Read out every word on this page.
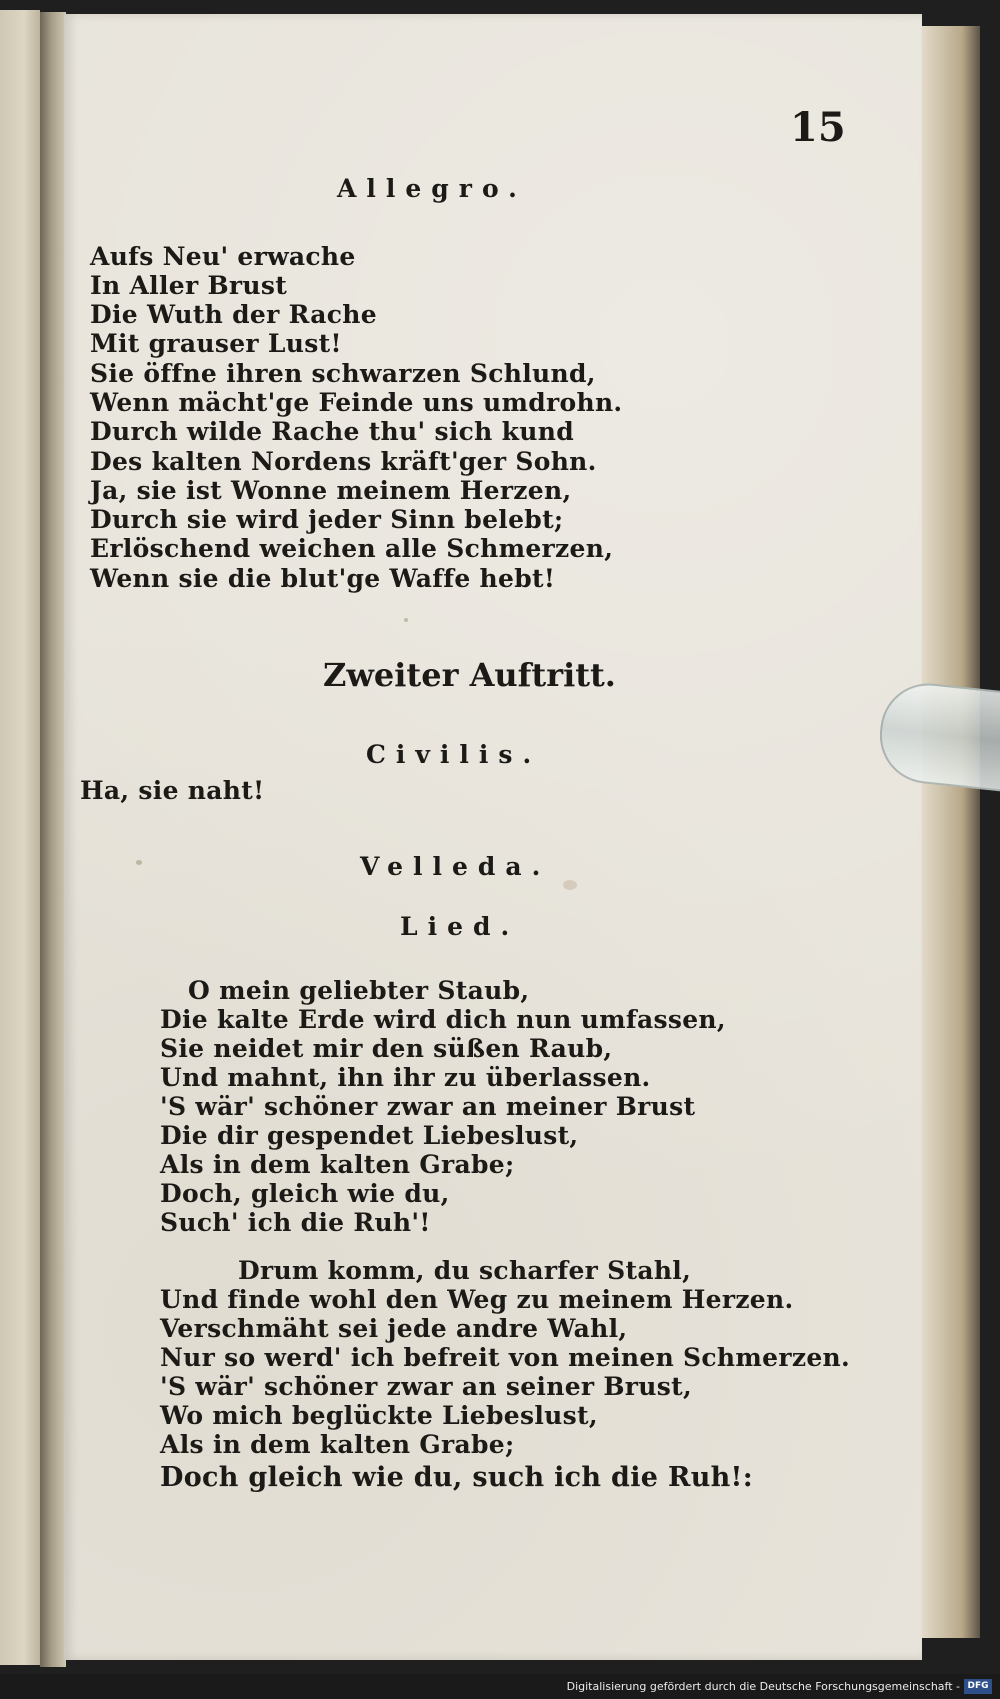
15
Allegro.
Aufs Neu' erwache
In Aller Brust
Die Wuth der Rache
Mit grauser Lust!
Sie öffne ihren schwarzen Schlund,
Wenn mächt'ge Feinde uns umdrohn.
Durch wilde Rache thu' sich kund
Des kalten Nordens kräft'ger Sohn.
Ja, sie ist Wonne meinem Herzen,
Durch sie wird jeder Sinn belebt;
Erlöschend weichen alle Schmerzen,
Wenn sie die blut'ge Waffe hebt!
Zweiter Auftritt.
Civilis.
Ha, sie naht!
Velleda.
Lied.
O mein geliebter Staub,
Die kalte Erde wird dich nun umfassen,
Sie neidet mir den süßen Raub,
Und mahnt, ihn ihr zu überlassen.
'S wär' schöner zwar an meiner Brust
Die dir gespendet Liebeslust,
Als in dem kalten Grabe;
Doch, gleich wie du,
Such' ich die Ruh'!
Drum komm, du scharfer Stahl,
Und finde wohl den Weg zu meinem Herzen.
Verschmäht sei jede andre Wahl,
Nur so werd' ich befreit von meinen Schmerzen.
'S wär' schöner zwar an seiner Brust,
Wo mich beglückte Liebeslust,
Als in dem kalten Grabe;
Doch gleich wie du, such ich die Ruh!:
Digitalisierung gefördert durch die Deutsche Forschungsgemeinschaft - DFG
